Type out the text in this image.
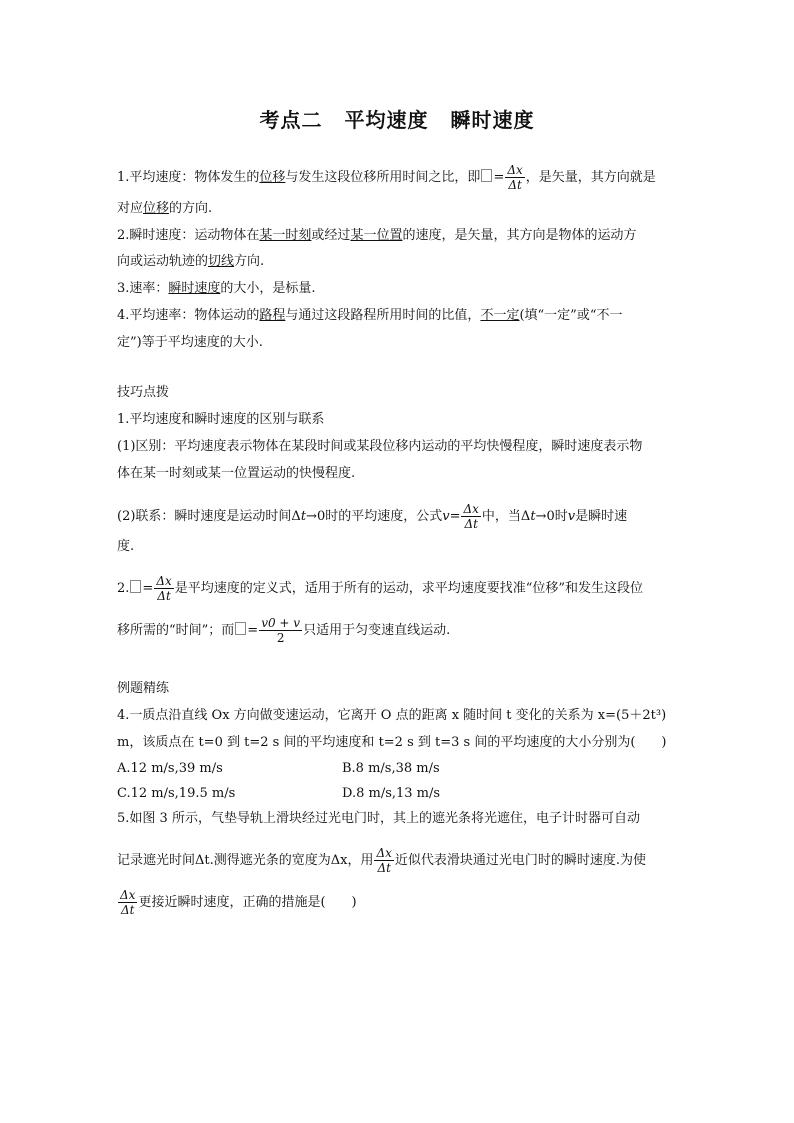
考点二 平均速度 瞬时速度
1.平均速度：物体发生的位移与发生这段位移所用时间之比，即 = $\frac{\Delta x}{\Delta t}$ ，是矢量，其方向就是
对应位移的方向.
2.瞬时速度：运动物体在某一时刻或经过某一位置的速度，是矢量，其方向是物体的运动方
向或运动轨迹的切线方向.
3.速率：瞬时速度的大小，是标量.
4.平均速率：物体运动的路程与通过这段路程所用时间的比值，不一定(填“一定”或“不一
定”)等于平均速度的大小.
技巧点拨
1.平均速度和瞬时速度的区别与联系
(1)区别：平均速度表示物体在某段时间或某段位移内运动的平均快慢程度，瞬时速度表示物
体在某一时刻或某一位置运动的快慢程度.
(2)联系：瞬时速度是运动时间Δt→0时的平均速度，公式$v= \frac{\Delta x}{\Delta t}$ 中，当Δt→0时v是瞬时速
度.
2. = $\frac{\Delta x}{\Delta t}$ 是平均速度的定义式，适用于所有的运动，求平均速度要找准“位移”和发生这段位
移所需的“时间”；而 = $\frac{v0 + v}{2}$ 只适用于匀变速直线运动.
例题精练
4.一质点沿直线 Ox 方向做变速运动，它离开 O 点的距离 x 随时间 t 变化的关系为 x=(5＋2t³)
m，该质点在 t=0 到 t=2 s 间的平均速度和 t=2 s 到 t=3 s 间的平均速度的大小分别为(　　)
A.12 m/s,39 m/s	B.8 m/s,38 m/s
C.12 m/s,19.5 m/s	D.8 m/s,13 m/s
5.如图 3 所示，气垫导轨上滑块经过光电门时，其上的遮光条将光遮住，电子计时器可自动
记录遮光时间Δt.测得遮光条的宽度为Δx，用 $\frac{\Delta x}{\Delta t}$ 近似代表滑块通过光电门时的瞬时速度.为使
$\frac{\Delta x}{\Delta t}$ 更接近瞬时速度，正确的措施是(　　)
